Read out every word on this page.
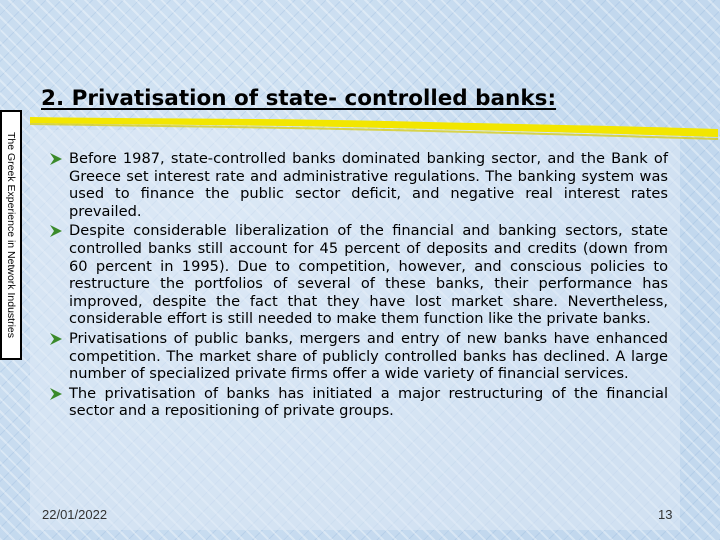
The Greek Experience in Network Industries
2. Privatisation of state- controlled banks:
Before 1987, state-controlled banks dominated banking sector, and the Bank of Greece set interest rate and administrative regulations. The banking system was used to finance the public sector deficit, and negative real interest rates prevailed.
Despite considerable liberalization of the financial and banking sectors, state controlled banks still account for 45 percent of deposits and credits (down from 60 percent in 1995). Due to competition, however, and conscious policies to restructure the portfolios of several of these banks, their performance has improved, despite the fact that they have lost market share. Nevertheless, considerable effort is still needed to make them function like the private banks.
Privatisations of public banks, mergers and entry of new banks have enhanced competition. The market share of publicly controlled banks has declined. A large number of specialized private firms offer a wide variety of financial services.
The privatisation of banks has initiated a major restructuring of the financial sector and a repositioning of private groups.
22/01/2022	13
